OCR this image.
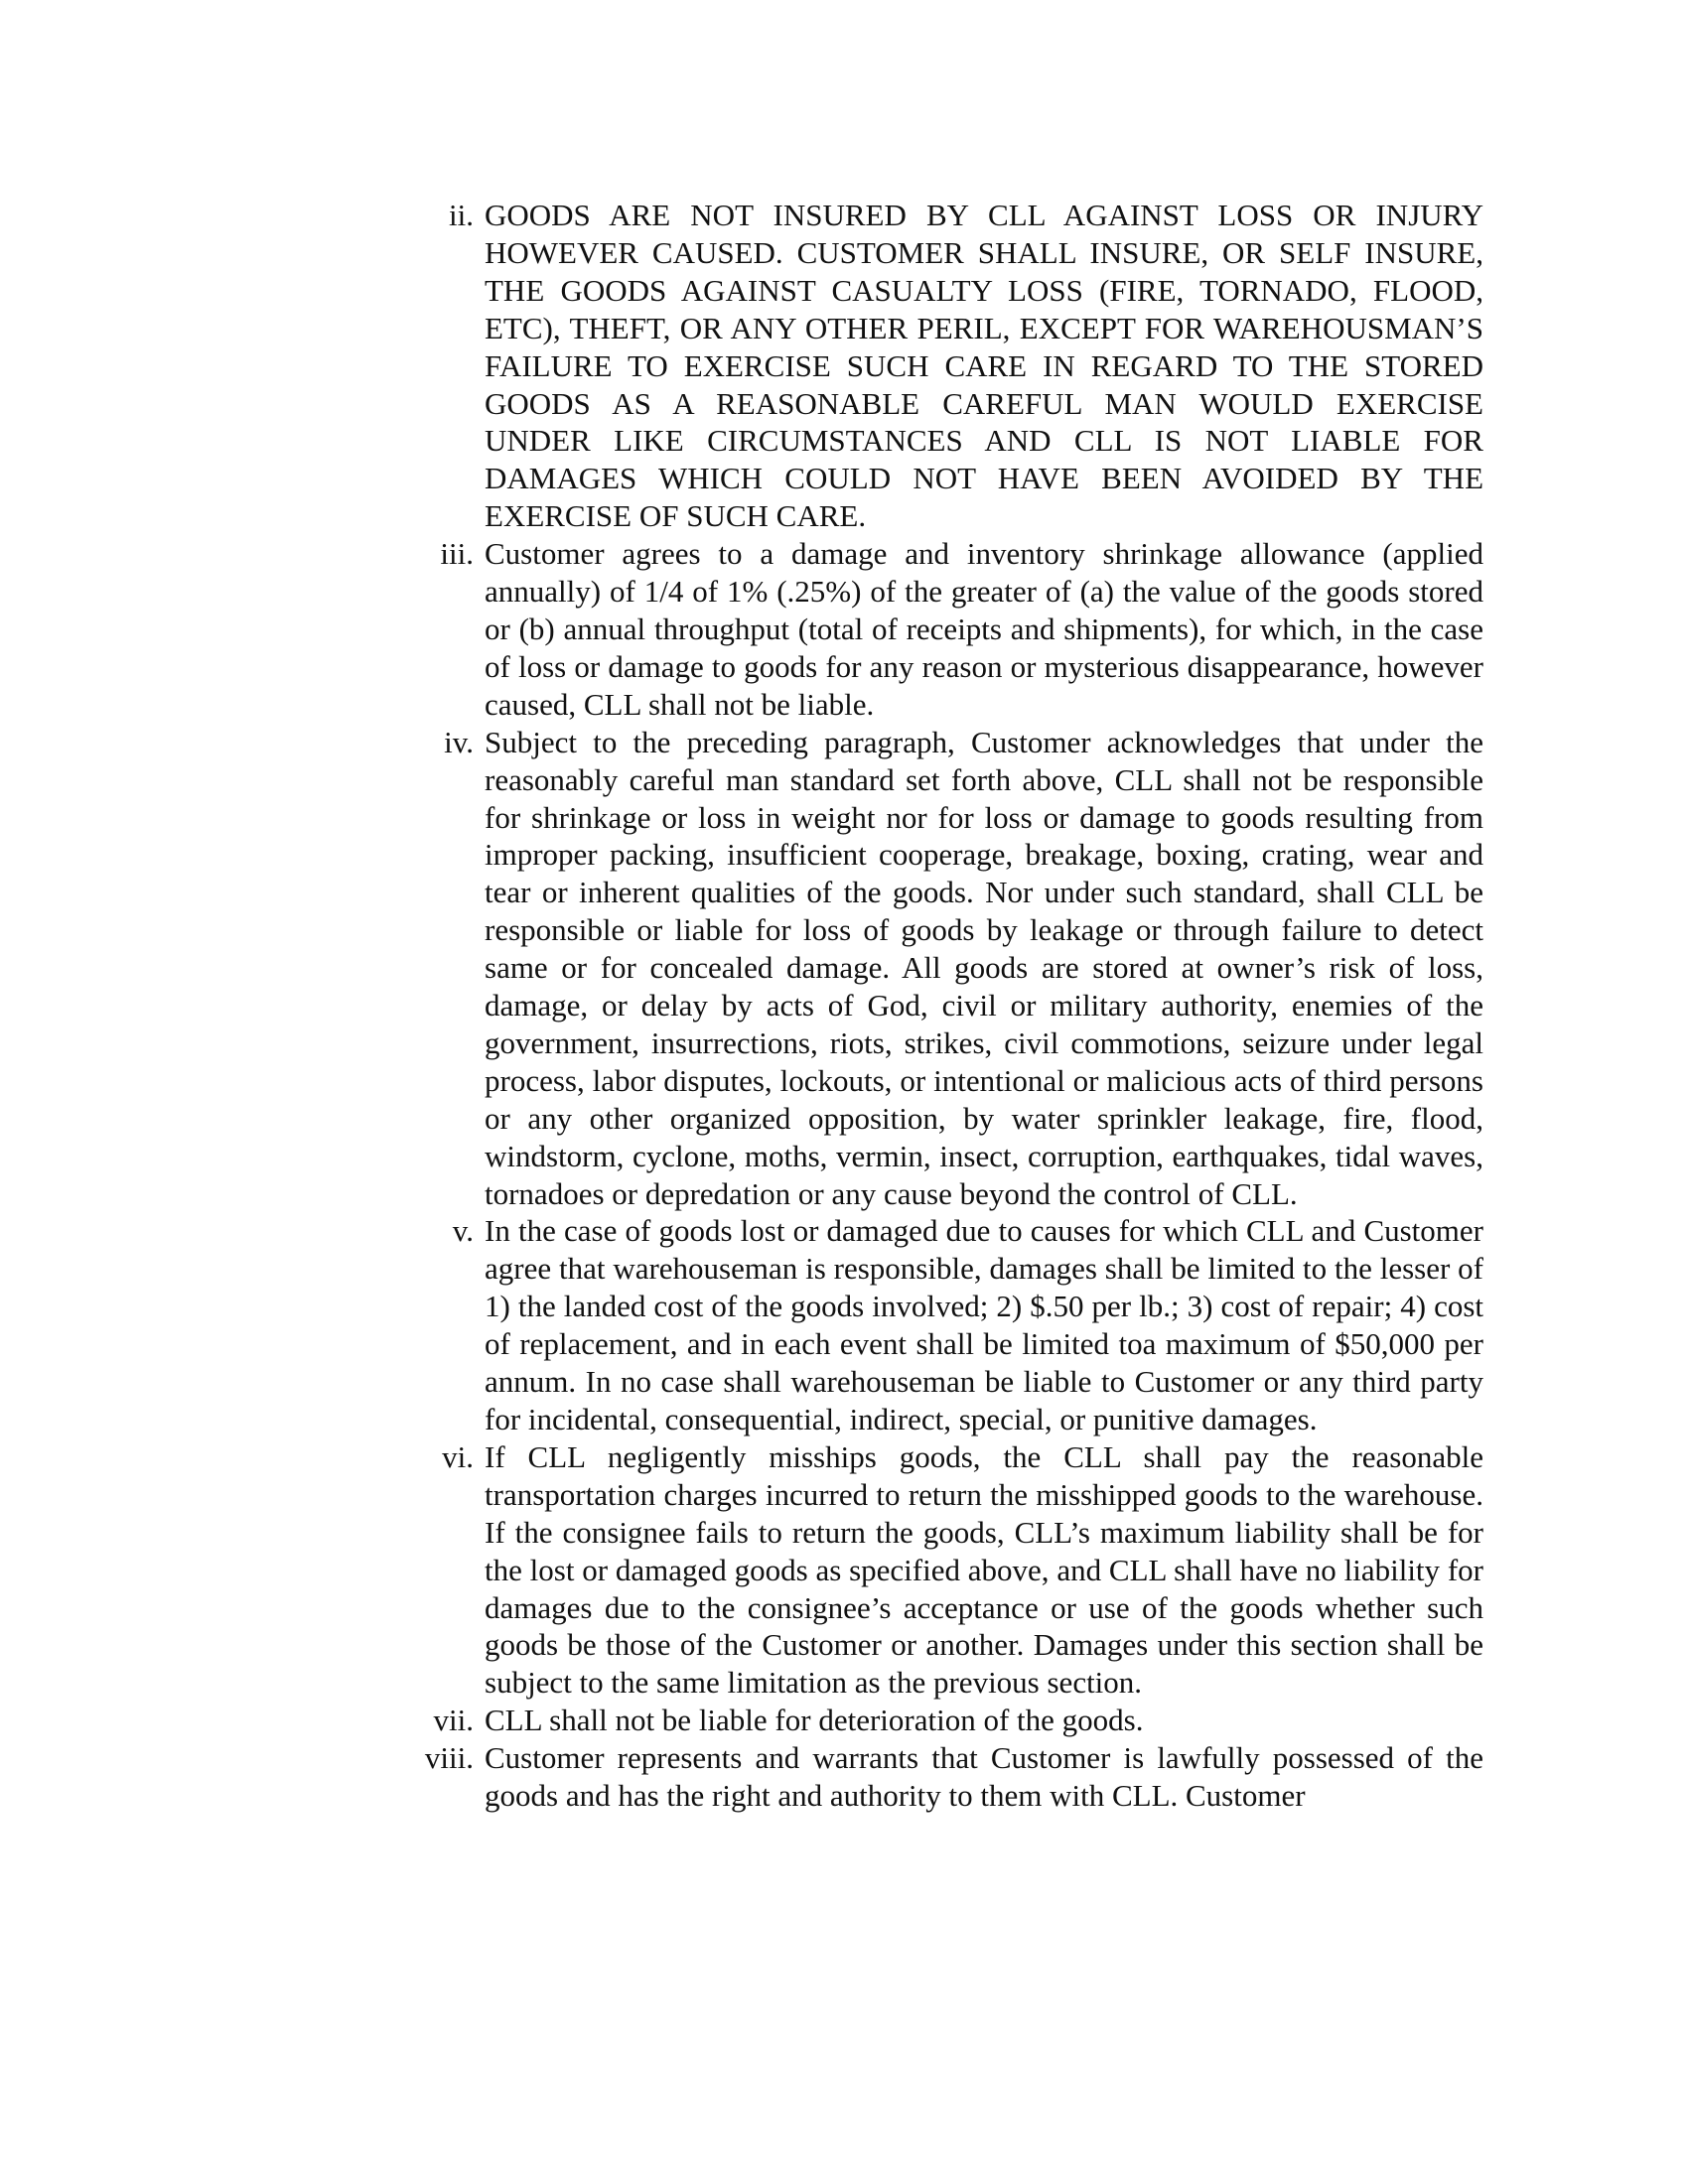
ii. GOODS ARE NOT INSURED BY CLL AGAINST LOSS OR INJURY HOWEVER CAUSED. CUSTOMER SHALL INSURE, OR SELF INSURE, THE GOODS AGAINST CASUALTY LOSS (FIRE, TORNADO, FLOOD, ETC), THEFT, OR ANY OTHER PERIL, EXCEPT FOR WAREHOUSMAN’S FAILURE TO EXERCISE SUCH CARE IN REGARD TO THE STORED GOODS AS A REASONABLE CAREFUL MAN WOULD EXERCISE UNDER LIKE CIRCUMSTANCES AND CLL IS NOT LIABLE FOR DAMAGES WHICH COULD NOT HAVE BEEN AVOIDED BY THE EXERCISE OF SUCH CARE.

iii. Customer agrees to a damage and inventory shrinkage allowance (applied annually) of 1/4 of 1% (.25%) of the greater of (a) the value of the goods stored or (b) annual throughput (total of receipts and shipments), for which, in the case of loss or damage to goods for any reason or mysterious disappearance, however caused, CLL shall not be liable.

iv. Subject to the preceding paragraph, Customer acknowledges that under the reasonably careful man standard set forth above, CLL shall not be responsible for shrinkage or loss in weight nor for loss or damage to goods resulting from improper packing, insufficient cooperage, breakage, boxing, crating, wear and tear or inherent qualities of the goods. Nor under such standard, shall CLL be responsible or liable for loss of goods by leakage or through failure to detect same or for concealed damage. All goods are stored at owner’s risk of loss, damage, or delay by acts of God, civil or military authority, enemies of the government, insurrections, riots, strikes, civil commotions, seizure under legal process, labor disputes, lockouts, or intentional or malicious acts of third persons or any other organized opposition, by water sprinkler leakage, fire, flood, windstorm, cyclone, moths, vermin, insect, corruption, earthquakes, tidal waves, tornadoes or depredation or any cause beyond the control of CLL.

v. In the case of goods lost or damaged due to causes for which CLL and Customer agree that warehouseman is responsible, damages shall be limited to the lesser of 1) the landed cost of the goods involved; 2) $.50 per lb.; 3) cost of repair; 4) cost of replacement, and in each event shall be limited toa maximum of $50,000 per annum. In no case shall warehouseman be liable to Customer or any third party for incidental, consequential, indirect, special, or punitive damages.

vi. If CLL negligently misships goods, the CLL shall pay the reasonable transportation charges incurred to return the misshipped goods to the warehouse. If the consignee fails to return the goods, CLL’s maximum liability shall be for the lost or damaged goods as specified above, and CLL shall have no liability for damages due to the consignee’s acceptance or use of the goods whether such goods be those of the Customer or another. Damages under this section shall be subject to the same limitation as the previous section.

vii. CLL shall not be liable for deterioration of the goods.

viii. Customer represents and warrants that Customer is lawfully possessed of the goods and has the right and authority to them with CLL. Customer
